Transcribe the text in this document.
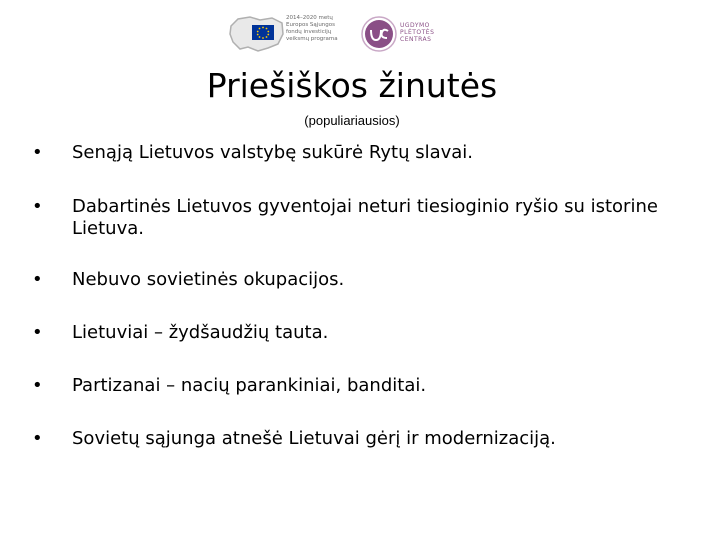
2014–2020 metų
Europos Sąjungos
fondų investicijų
veiksmų programa
UGDYMO
PLĖTOTĖS
CENTRAS
Priešiškos žinutės
(populiariausios)
•	Senąją Lietuvos valstybę sukūrė Rytų slavai.
•	Dabartinės Lietuvos gyventojai neturi tiesioginio ryšio su istorine
Lietuva.
•	Nebuvo sovietinės okupacijos.
•	Lietuviai – žydšaudžių tauta.
•	Partizanai – nacių parankiniai, banditai.
•	Sovietų sąjunga atnešė Lietuvai gėrį ir modernizaciją.
